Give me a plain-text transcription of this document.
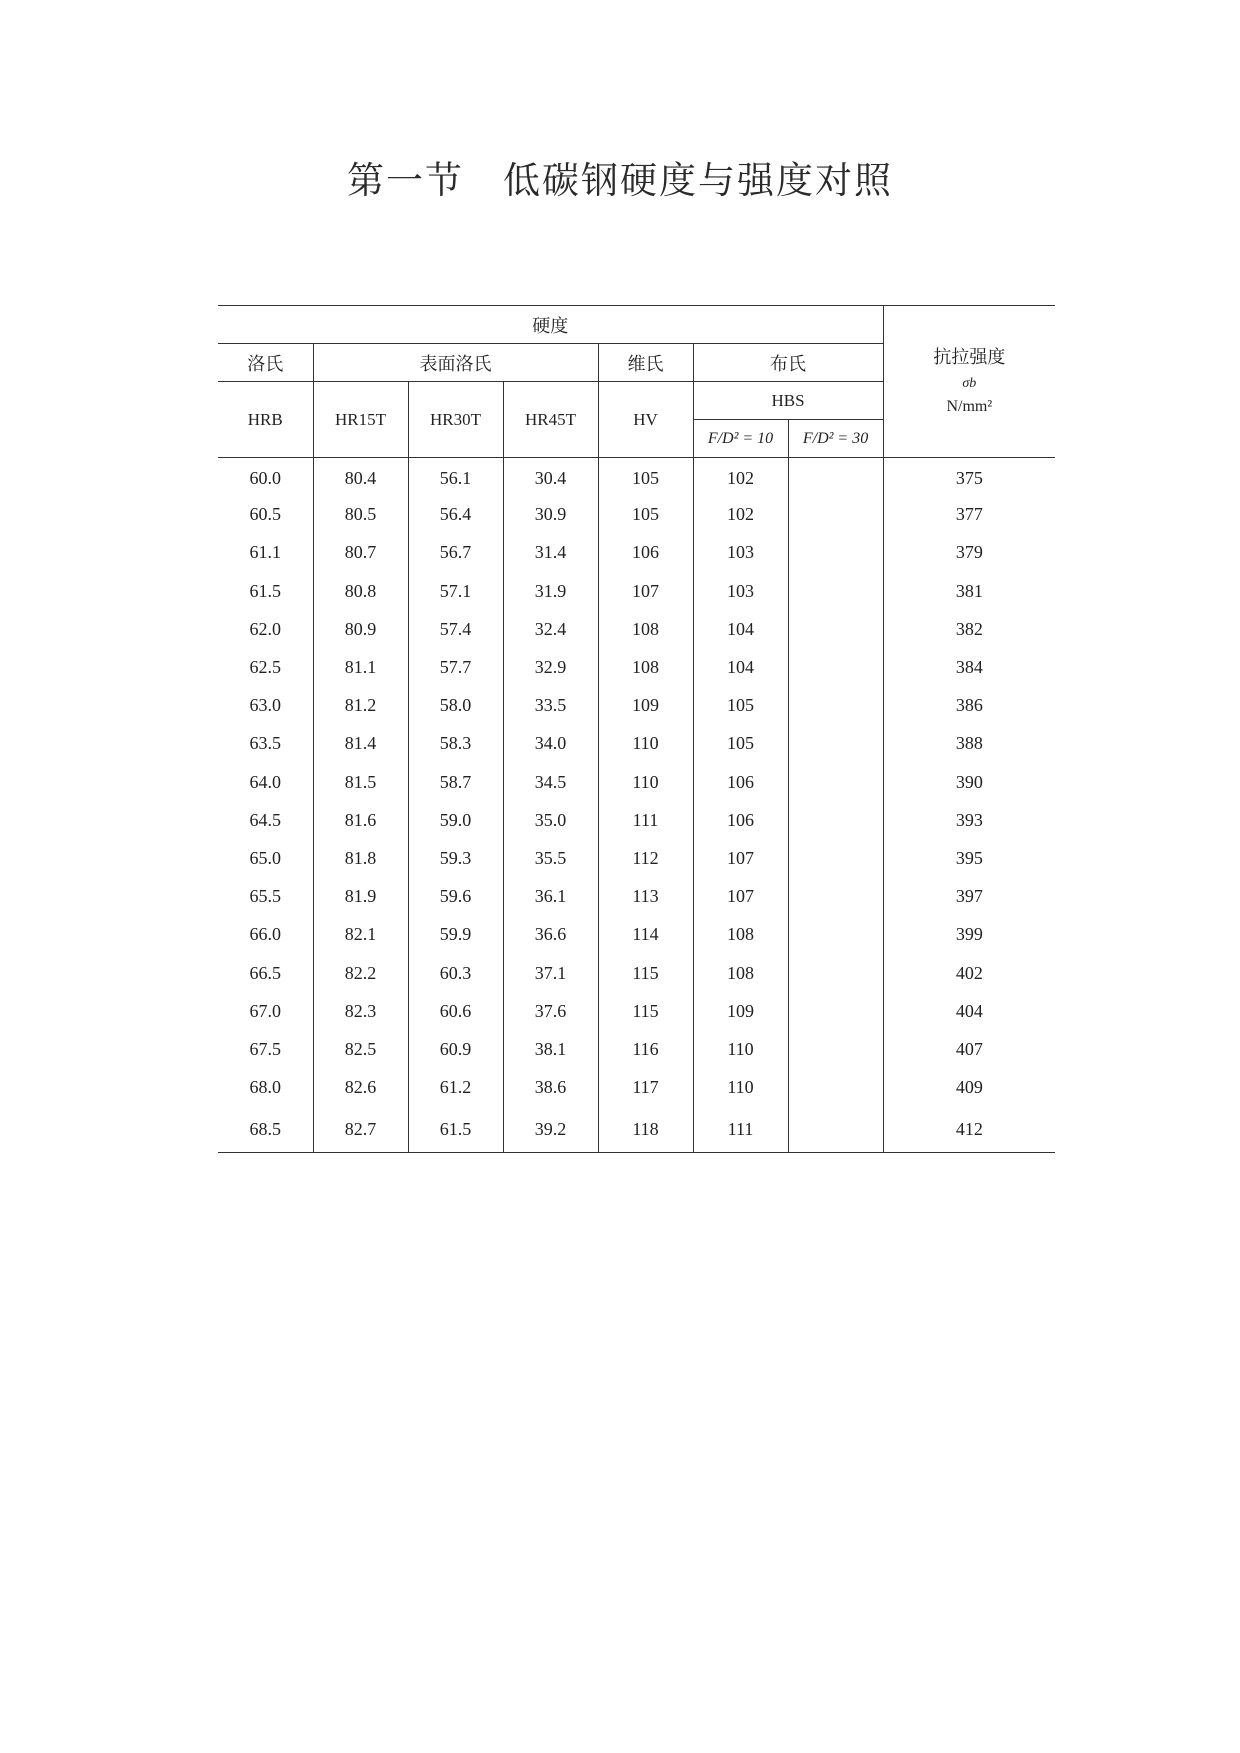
第一节　低碳钢硬度与强度对照
硬度							抗拉强度
σb
N/mm²

洛氏	表面洛氏			维氏	布氏		
HRB	HR15T	HR30T	HR45T	HV	HBS		
					F/D² = 10	F/D² = 30	
60.0	80.4	56.1	30.4	105	102		375
60.5	80.5	56.4	30.9	105	102		377
61.1	80.7	56.7	31.4	106	103		379
61.5	80.8	57.1	31.9	107	103		381
62.0	80.9	57.4	32.4	108	104		382
62.5	81.1	57.7	32.9	108	104		384
63.0	81.2	58.0	33.5	109	105		386
63.5	81.4	58.3	34.0	110	105		388
64.0	81.5	58.7	34.5	110	106		390
64.5	81.6	59.0	35.0	111	106		393
65.0	81.8	59.3	35.5	112	107		395
65.5	81.9	59.6	36.1	113	107		397
66.0	82.1	59.9	36.6	114	108		399
66.5	82.2	60.3	37.1	115	108		402
67.0	82.3	60.6	37.6	115	109		404
67.5	82.5	60.9	38.1	116	110		407
68.0	82.6	61.2	38.6	117	110		409
68.5	82.7	61.5	39.2	118	111		412
